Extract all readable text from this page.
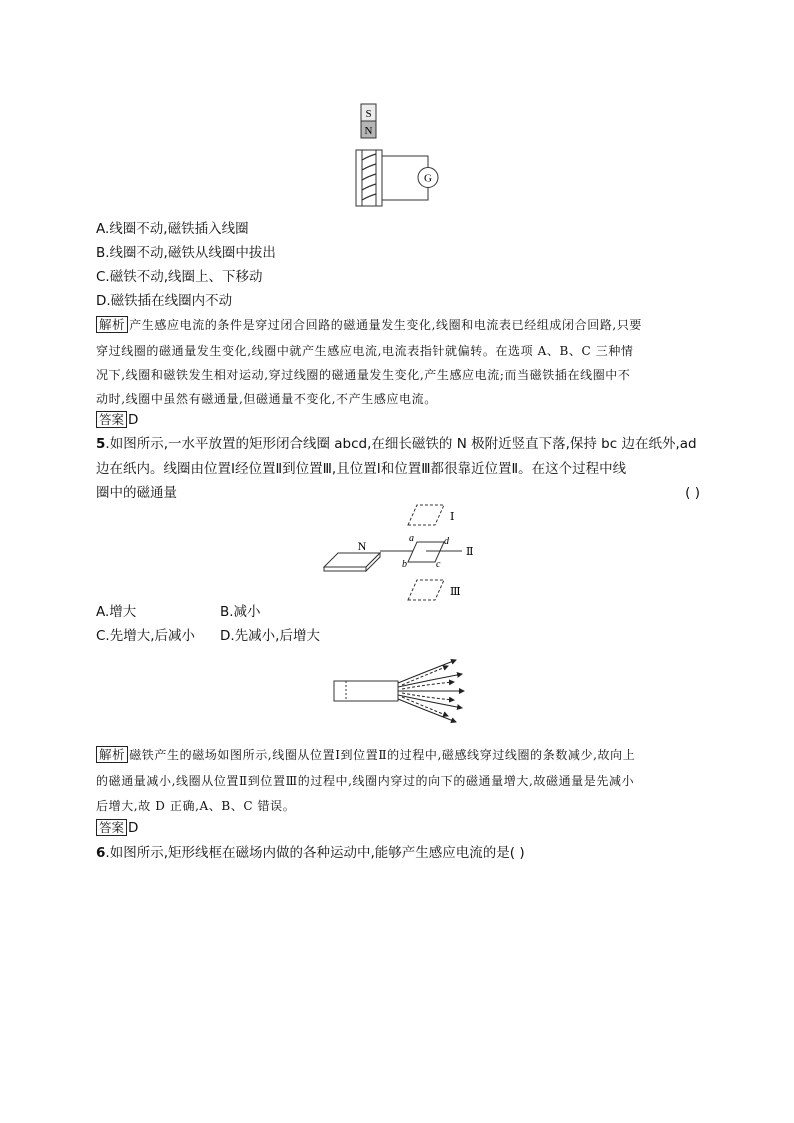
S
N
G
A.线圈不动,磁铁插入线圈
B.线圈不动,磁铁从线圈中拔出
C.磁铁不动,线圈上、下移动
D.磁铁插在线圈内不动
解析 产生感应电流的条件是穿过闭合回路的磁通量发生变化,线圈和电流表已经组成闭合回路,只要
穿过线圈的磁通量发生变化,线圈中就产生感应电流,电流表指针就偏转。在选项 A、B、C 三种情
况下,线圈和磁铁发生相对运动,穿过线圈的磁通量发生变化,产生感应电流;而当磁铁插在线圈中不
动时,线圈中虽然有磁通量,但磁通量不变化,不产生感应电流。
答案 D
5.如图所示,一水平放置的矩形闭合线圈 abcd,在细长磁铁的 N 极附近竖直下落,保持 bc 边在纸外,ad
边在纸内。线圈由位置Ⅰ经位置Ⅱ到位置Ⅲ,且位置Ⅰ和位置Ⅲ都很靠近位置Ⅱ。在这个过程中线
圈中的磁通量	( )
N
Ⅰ
Ⅱ
a	d
b	c
Ⅲ
A.增大	B.减小
C.先增大,后减小 D.先减小,后增大
解析 磁铁产生的磁场如图所示,线圈从位置Ⅰ到位置Ⅱ的过程中,磁感线穿过线圈的条数减少,故向上
的磁通量减小,线圈从位置Ⅱ到位置Ⅲ的过程中,线圈内穿过的向下的磁通量增大,故磁通量是先减小
后增大,故 D 正确,A、B、C 错误。
答案 D
6.如图所示,矩形线框在磁场内做的各种运动中,能够产生感应电流的是( )
